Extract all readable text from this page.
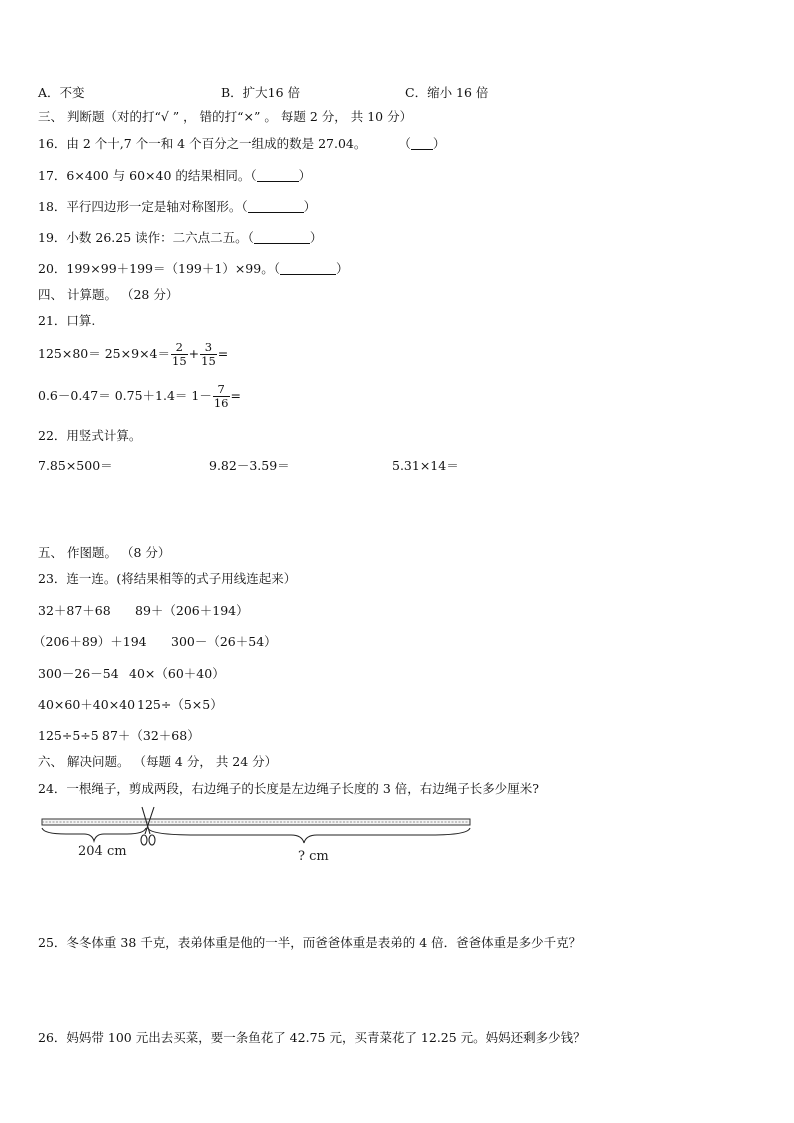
A．不变	B．扩大16 倍	C．缩小 16 倍
三、 判断题（对的打“√ ” ， 错的打“×” 。 每题 2 分， 共 10 分）
16．由 2 个十,7 个一和 4 个百分之一组成的数是 27.04。	（ ）
17．6×400 与 60×40 的结果相同。（	）
18．平行四边形一定是轴对称图形。（	）
19．小数 26.25 读作：二六点二五。（	）
20．199×99＋199＝（199＋1）×99。（	）
四、 计算题。 （28 分）
21．口算.
$125\times 80= 25\times 9\times 4= \frac{2}{15} + \frac{3}{15}$ =
$0.6-0.47= 0.75+1.4= 1- \frac{7}{16}$ =
22．用竖式计算。
7.85×500＝	9.82－3.59＝	5.31×14＝
五、 作图题。 （8 分）
23．连一连。(将结果相等的式子用线连起来）
32＋87＋68 89＋（206＋194）
（206＋89）＋194 300－（26＋54）
300－26－54 40×（60＋40）
40×60＋40×40 125÷（5×5）
125÷5÷5 87＋（32＋68）
六、 解决问题。 （每题 4 分， 共 24 分）
24．一根绳子，剪成两段，右边绳子的长度是左边绳子长度的 3 倍，右边绳子长多少厘米?
204 cm	? cm
25．冬冬体重 38 千克，表弟体重是他的一半，而爸爸体重是表弟的 4 倍．爸爸体重是多少千克？
26．妈妈带 100 元出去买菜，要一条鱼花了 42.75 元，买青菜花了 12.25 元。妈妈还剩多少钱？
